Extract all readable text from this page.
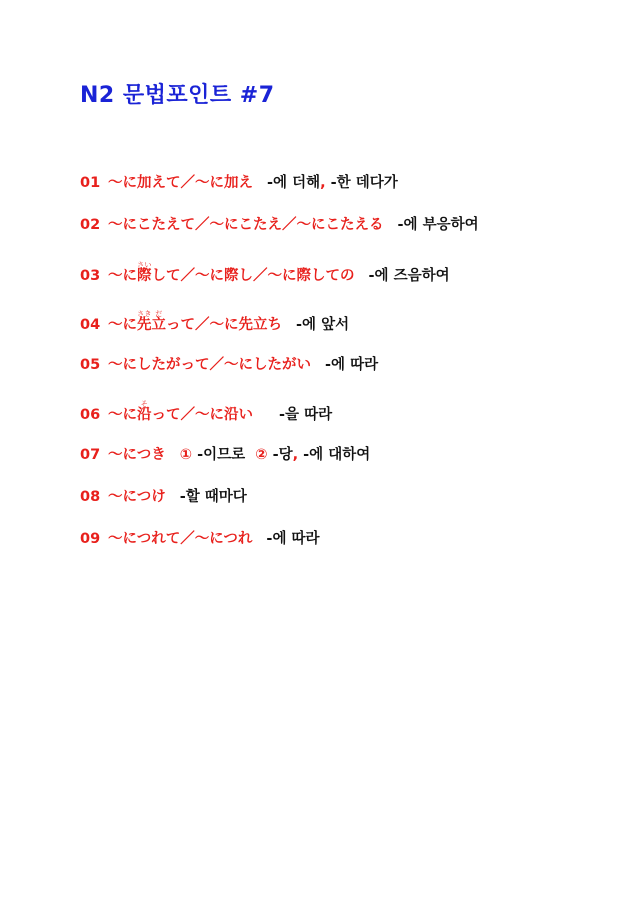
N2 문법포인트 #7
01 ～に加えて／～に加え -에 더해, -한 데다가
02 ～にこたえて／～にこたえ／～にこたえる -에 부응하여
03 ～に際さいして／～に際し／～に際しての -에 즈음하여
04 ～に先さき立だって／～に先立ち -에 앞서
05 ～にしたがって／～にしたがい -에 따라
06 ～に沿そって／～に沿い -을 따라
07 ～につき ① -이므로 ② -당, -에 대하여
08 ～につけ -할 때마다
09 ～につれて／～につれ -에 따라
